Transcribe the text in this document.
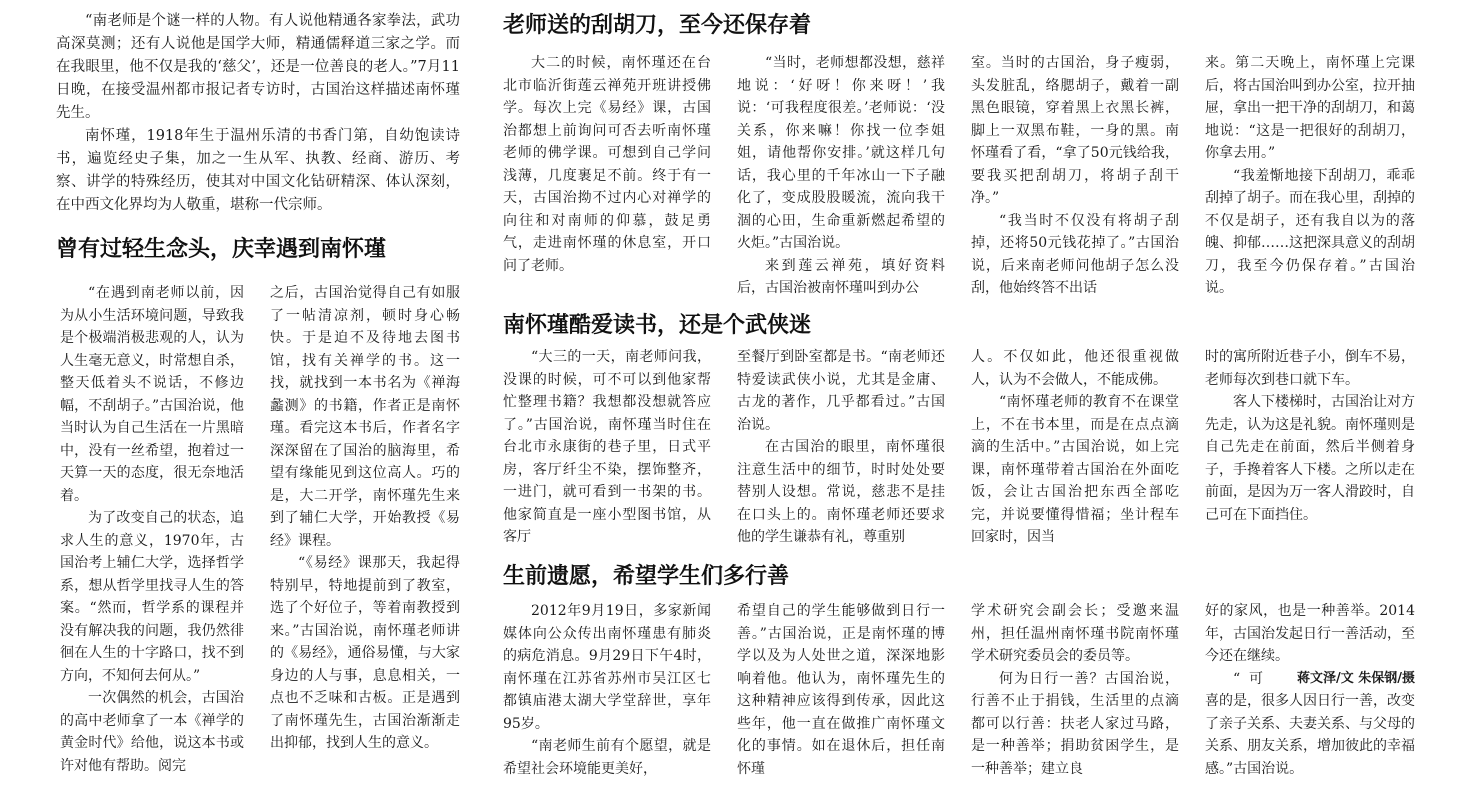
“南老师是个谜一样的人物。有人说他精通各家拳法，武功高深莫测；还有人说他是国学大师，精通儒释道三家之学。而在我眼里，他不仅是我的‘慈父’，还是一位善良的老人。”7月11日晚，在接受温州都市报记者专访时，古国治这样描述南怀瑾先生。

南怀瑾，1918年生于温州乐清的书香门第，自幼饱读诗书，遍览经史子集，加之一生从军、执教、经商、游历、考察、讲学的特殊经历，使其对中国文化钻研精深、体认深刻，在中西文化界均为人敬重，堪称一代宗师。

曾有过轻生念头，庆幸遇到南怀瑾

“在遇到南老师以前，因为从小生活环境问题，导致我是个极端消极悲观的人，认为人生毫无意义，时常想自杀，整天低着头不说话，不修边幅，不刮胡子。”古国治说，他当时认为自己生活在一片黑暗中，没有一丝希望，抱着过一天算一天的态度，很无奈地活着。

为了改变自己的状态，追求人生的意义，1970年，古国治考上辅仁大学，选择哲学系，想从哲学里找寻人生的答案。“然而，哲学系的课程并没有解决我的问题，我仍然徘徊在人生的十字路口，找不到方向，不知何去何从。”

一次偶然的机会，古国治的高中老师拿了一本《禅学的黄金时代》给他，说这本书或许对他有帮助。阅完

之后，古国治觉得自己有如服了一帖清凉剂，顿时身心畅快。于是迫不及待地去图书馆，找有关禅学的书。这一找，就找到一本书名为《禅海蠡测》的书籍，作者正是南怀瑾。看完这本书后，作者名字深深留在了国治的脑海里，希望有缘能见到这位高人。巧的是，大二开学，南怀瑾先生来到了辅仁大学，开始教授《易经》课程。

“《易经》课那天，我起得特别早，特地提前到了教室，选了个好位子，等着南教授到来。”古国治说，南怀瑾老师讲的《易经》，通俗易懂，与大家身边的人与事，息息相关，一点也不乏味和古板。正是遇到了南怀瑾先生，古国治渐渐走出抑郁，找到人生的意义。

老师送的刮胡刀，至今还保存着

大二的时候，南怀瑾还在台北市临沂街莲云禅苑开班讲授佛学。每次上完《易经》课，古国治都想上前询问可否去听南怀瑾老师的佛学课。可想到自己学问浅薄，几度裹足不前。终于有一天，古国治拗不过内心对禅学的向往和对南师的仰慕，鼓足勇气，走进南怀瑾的休息室，开口问了老师。

“当时，老师想都没想，慈祥地说：‘好呀！你来呀！’我说：‘可我程度很差。’老师说：‘没关系，你来嘛！你找一位李姐姐，请他帮你安排。’就这样几句话，我心里的千年冰山一下子融化了，变成股股暖流，流向我干涸的心田，生命重新燃起希望的火炬。”古国治说。

来到莲云禅苑，填好资料后，古国治被南怀瑾叫到办公

室。当时的古国治，身子瘦弱，头发脏乱，络腮胡子，戴着一副黑色眼镜，穿着黑上衣黑长裤，脚上一双黑布鞋，一身的黑。南怀瑾看了看，“拿了50元钱给我，要我买把刮胡刀，将胡子刮干净。”

“我当时不仅没有将胡子刮掉，还将50元钱花掉了。”古国治说，后来南老师问他胡子怎么没刮，他始终答不出话

来。第二天晚上，南怀瑾上完课后，将古国治叫到办公室，拉开抽屉，拿出一把干净的刮胡刀，和蔼地说：“这是一把很好的刮胡刀，你拿去用。”

“我羞惭地接下刮胡刀，乖乖刮掉了胡子。而在我心里，刮掉的不仅是胡子，还有我自以为的落魄、抑郁……这把深具意义的刮胡刀，我至今仍保存着。”古国治说。

南怀瑾酷爱读书，还是个武侠迷

“大三的一天，南老师问我，没课的时候，可不可以到他家帮忙整理书籍？我想都没想就答应了。”古国治说，南怀瑾当时住在台北市永康街的巷子里，日式平房，客厅纤尘不染，摆饰整齐，一进门，就可看到一书架的书。他家简直是一座小型图书馆，从客厅

至餐厅到卧室都是书。“南老师还特爱读武侠小说，尤其是金庸、古龙的著作，几乎都看过。”古国治说。

在古国治的眼里，南怀瑾很注意生活中的细节，时时处处要替别人设想。常说，慈悲不是挂在口头上的。南怀瑾老师还要求他的学生谦恭有礼，尊重别

人。不仅如此，他还很重视做人，认为不会做人，不能成佛。

“南怀瑾老师的教育不在课堂上，不在书本里，而是在点点滴滴的生活中。”古国治说，如上完课，南怀瑾带着古国治在外面吃饭，会让古国治把东西全部吃完，并说要懂得惜福；坐计程车回家时，因当

时的寓所附近巷子小，倒车不易，老师每次到巷口就下车。

客人下楼梯时，古国治让对方先走，认为这是礼貌。南怀瑾则是自己先走在前面，然后半侧着身子，手搀着客人下楼。之所以走在前面，是因为万一客人滑跤时，自己可在下面挡住。

生前遗愿，希望学生们多行善

2012年9月19日，多家新闻媒体向公众传出南怀瑾患有肺炎的病危消息。9月29日下午4时，南怀瑾在江苏省苏州市吴江区七都镇庙港太湖大学堂辞世，享年95岁。

“南老师生前有个愿望，就是希望社会环境能更美好，

希望自己的学生能够做到日行一善。”古国治说，正是南怀瑾的博学以及为人处世之道，深深地影响着他。他认为，南怀瑾先生的这种精神应该得到传承，因此这些年，他一直在做推广南怀瑾文化的事情。如在退休后，担任南怀瑾

学术研究会副会长；受邀来温州，担任温州南怀瑾书院南怀瑾学术研究委员会的委员等。

何为日行一善？古国治说，行善不止于捐钱，生活里的点滴都可以行善：扶老人家过马路，是一种善举；捐助贫困学生，是一种善举；建立良

好的家风，也是一种善举。2014年，古国治发起日行一善活动，至今还在继续。

蒋文泽/文 朱保钢/摄
“可喜的是，很多人因日行一善，改变了亲子关系、夫妻关系、与父母的关系、朋友关系，增加彼此的幸福感。”古国治说。
